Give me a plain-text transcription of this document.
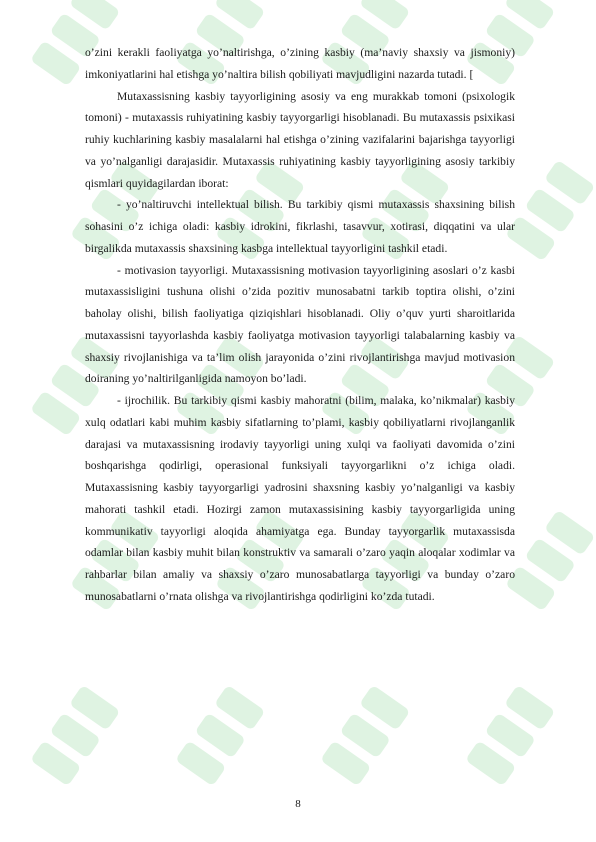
o’zini kerakli faoliyatga yo’naltirishga, o’zining kasbiy (ma’naviy shaxsiy va jismoniy) imkoniyatlarini hal etishga yo’naltira bilish qobiliyati mavjudligini nazarda tutadi. [

Mutaxassisning kasbiy tayyorligining asosiy va eng murakkab tomoni (psixologik tomoni) - mutaxassis ruhiyatining kasbiy tayyorgarligi hisoblanadi. Bu mutaxassis psixikasi ruhiy kuchlarining kasbiy masalalarni hal etishga o’zining vazifalarini bajarishga tayyorligi va yo’nalganligi darajasidir. Mutaxassis ruhiyatining kasbiy tayyorligining asosiy tarkibiy qismlari quyidagilardan iborat:

- yo’naltiruvchi intellektual bilish. Bu tarkibiy qismi mutaxassis shaxsining bilish sohasini o’z ichiga oladi: kasbiy idrokini, fikrlashi, tasavvur, xotirasi, diqqatini va ular birgalikda mutaxassis shaxsining kasbga intellektual tayyorligini tashkil etadi.

- motivasion tayyorligi. Mutaxassisning motivasion tayyorligining asoslari o’z kasbi mutaxassisligini tushuna olishi o’zida pozitiv munosabatni tarkib toptira olishi, o’zini baholay olishi, bilish faoliyatiga qiziqishlari hisoblanadi. Oliy o’quv yurti sharoitlarida mutaxassisni tayyorlashda kasbiy faoliyatga motivasion tayyorligi talabalarning kasbiy va shaxsiy rivojlanishiga va ta’lim olish jarayonida o’zini rivojlantirishga mavjud motivasion doiraning yo’naltirilganligida namoyon bo’ladi.

- ijrochilik. Bu tarkibiy qismi kasbiy mahoratni (bilim, malaka, ko’nikmalar) kasbiy xulq odatlari kabi muhim kasbiy sifatlarning to’plami, kasbiy qobiliyatlarni rivojlanganlik darajasi va mutaxassisning irodaviy tayyorligi uning xulqi va faoliyati davomida o’zini boshqarishga qodirligi, operasional funksiyali tayyorgarlikni o’z ichiga oladi. Mutaxassisning kasbiy tayyorgarligi yadrosini shaxsning kasbiy yo’nalganligi va kasbiy mahorati tashkil etadi. Hozirgi zamon mutaxassisining kasbiy tayyorgarligida uning kommunikativ tayyorligi aloqida ahamiyatga ega. Bunday tayyorgarlik mutaxassisda odamlar bilan kasbiy muhit bilan konstruktiv va samarali o’zaro yaqin aloqalar xodimlar va rahbarlar bilan amaliy va shaxsiy o’zaro munosabatlarga tayyorligi va bunday o’zaro munosabatlarni o’rnata olishga va rivojlantirishga qodirligini ko’zda tutadi.

8
